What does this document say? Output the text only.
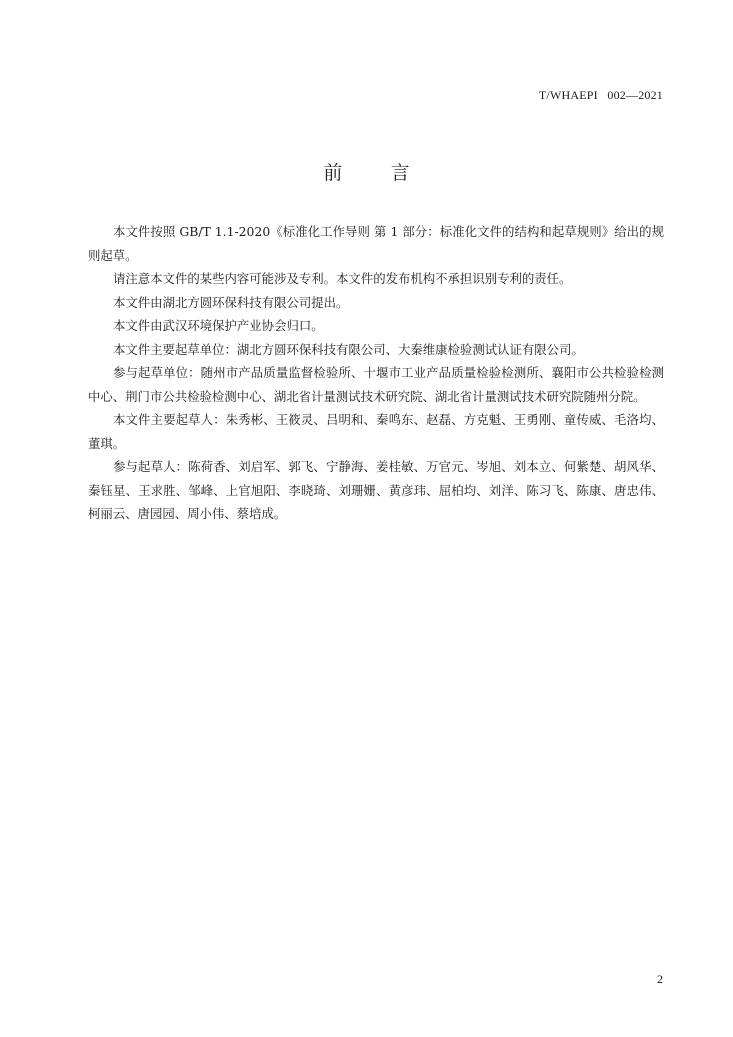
T/WHAEPI   002—2021
前        言

本文件按照 GB/T 1.1-2020《标准化工作导则 第 1 部分：标准化文件的结构和起草规则》给出的规则起草。

请注意本文件的某些内容可能涉及专利。本文件的发布机构不承担识别专利的责任。

本文件由湖北方圆环保科技有限公司提出。

本文件由武汉环境保护产业协会归口。

本文件主要起草单位：湖北方圆环保科技有限公司、大秦维康检验测试认证有限公司。

参与起草单位：随州市产品质量监督检验所、十堰市工业产品质量检验检测所、襄阳市公共检验检测中心、荆门市公共检验检测中心、湖北省计量测试技术研究院、湖北省计量测试技术研究院随州分院。

本文件主要起草人：朱秀彬、王筱灵、吕明和、秦鸣东、赵磊、方克魁、王勇刚、童传威、毛洛均、董琪。

参与起草人：陈荷香、刘启军、郭飞、宁静海、姜桂敏、万官元、岑旭、刘本立、何紫楚、胡风华、秦钰星、王求胜、邹峰、上官旭阳、李晓琦、刘珊姗、黄彦玮、屈柏均、刘洋、陈习飞、陈康、唐忠伟、柯丽云、唐园园、周小伟、蔡培成。

2
